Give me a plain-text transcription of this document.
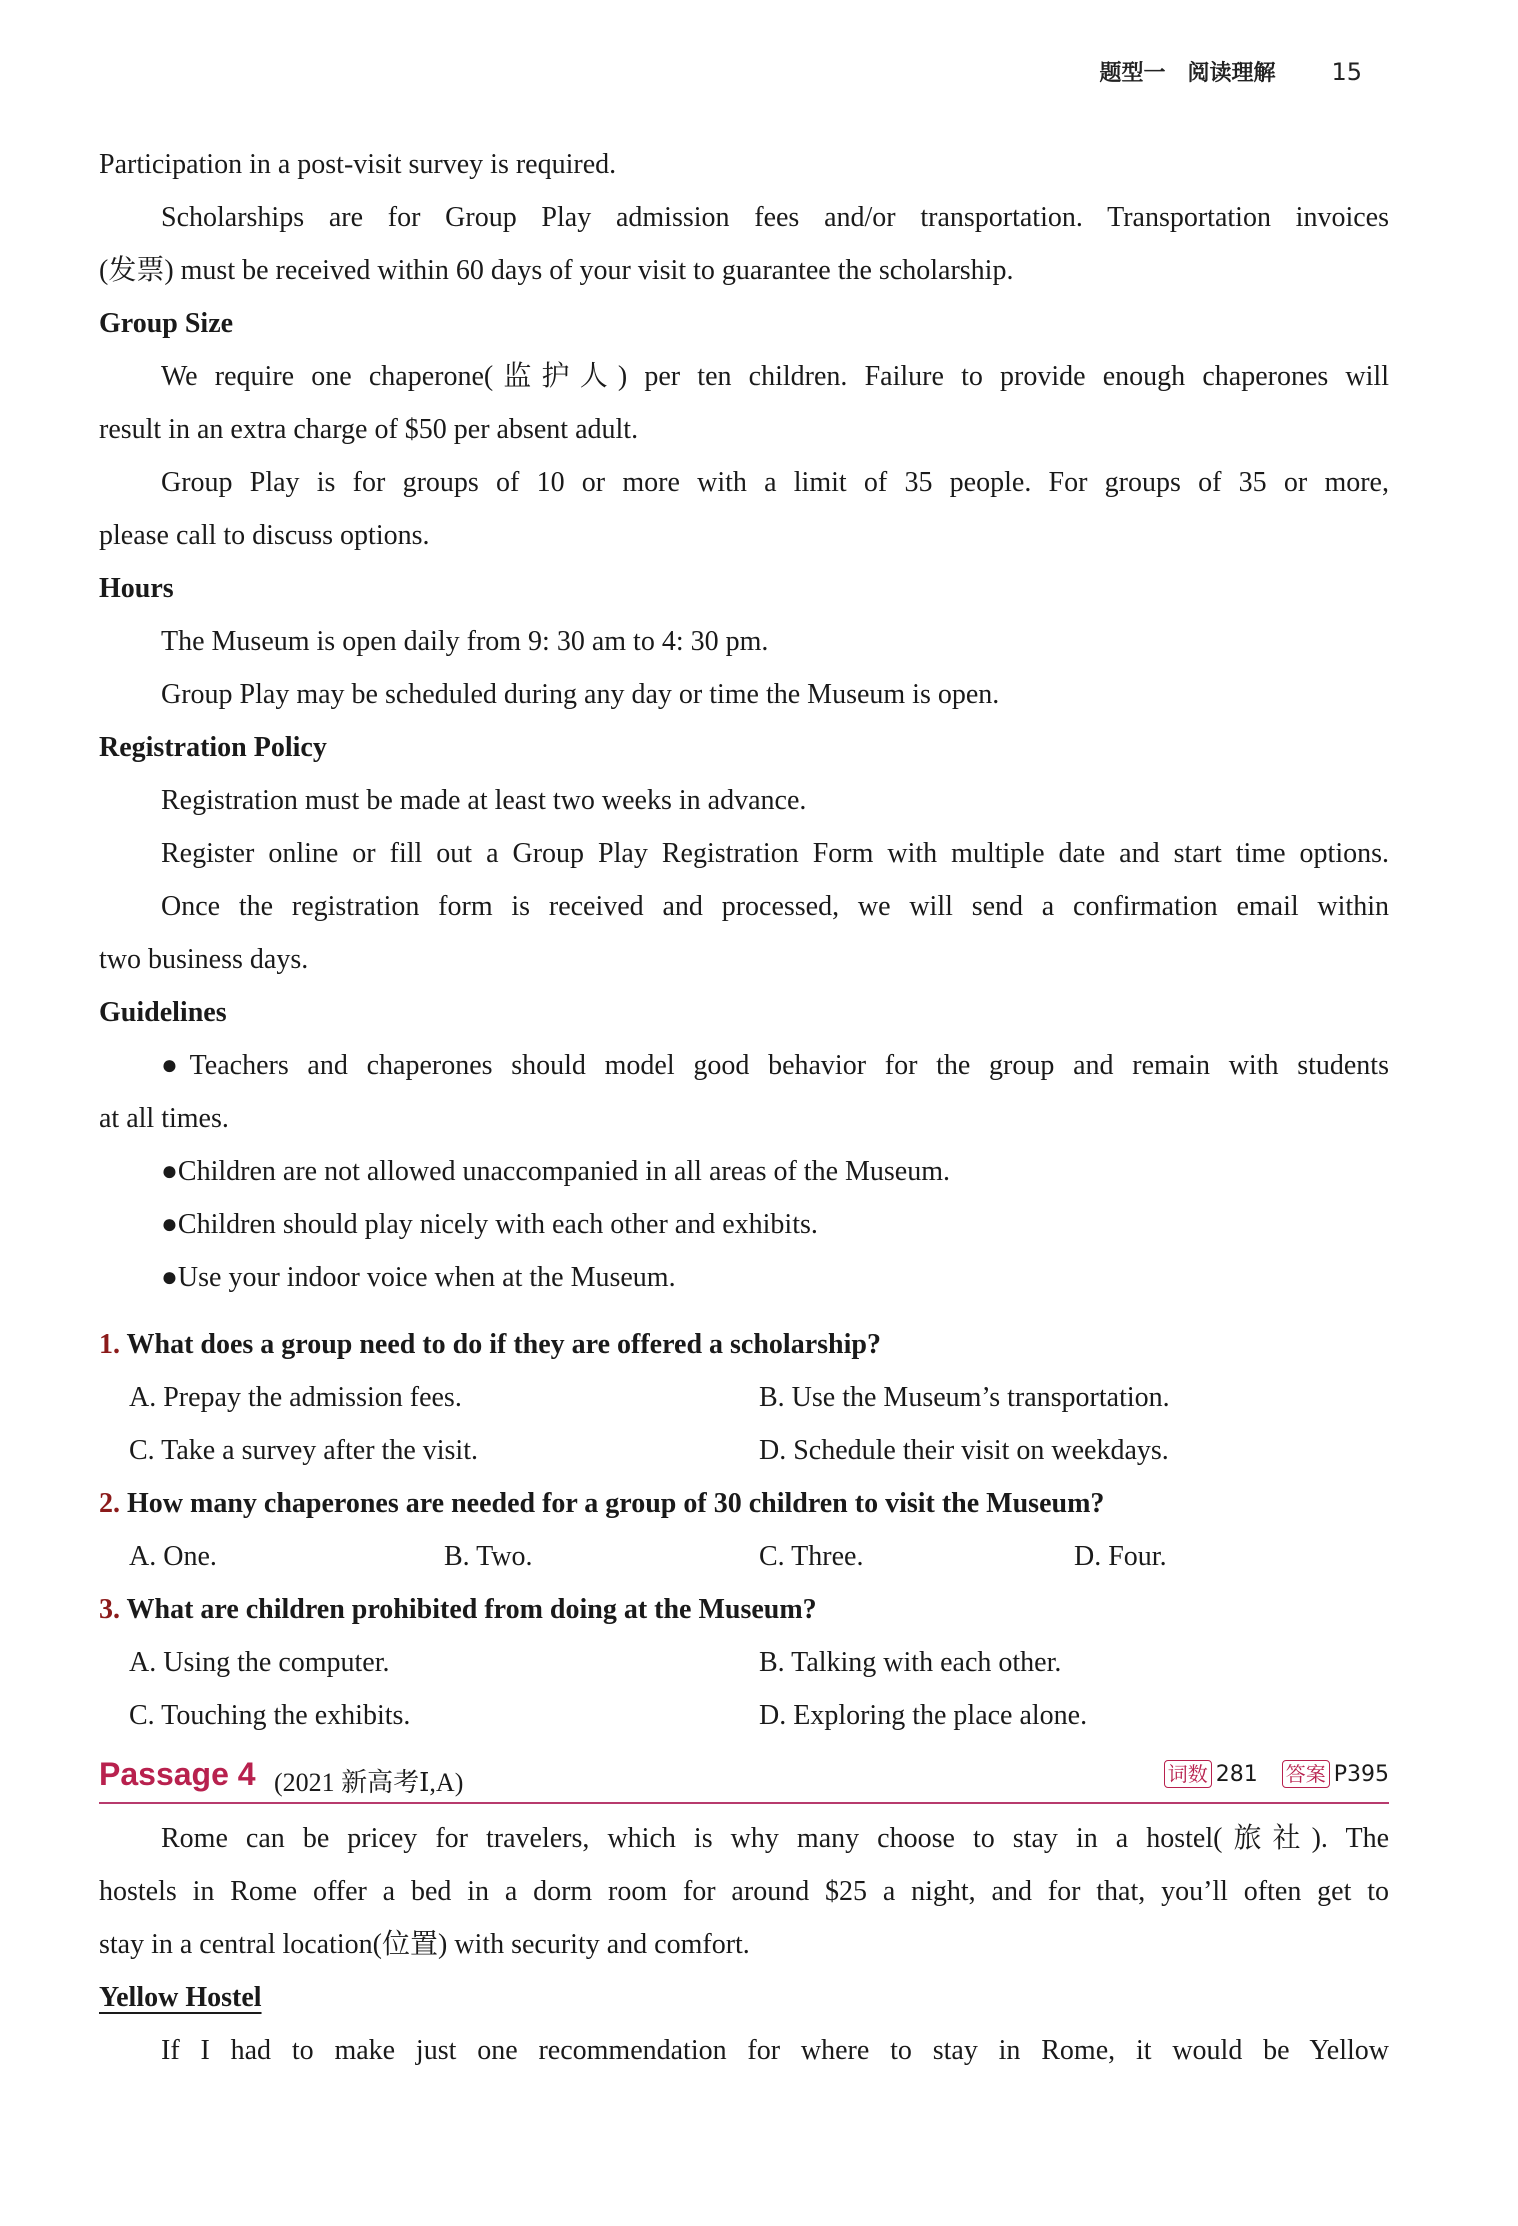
题型一　阅读理解 15
Participation in a post-visit survey is required.
Scholarships are for Group Play admission fees and/or transportation. Transportation invoices
(发票) must be received within 60 days of your visit to guarantee the scholarship.
Group Size
We require one chaperone(监护人) per ten children. Failure to provide enough chaperones will
result in an extra charge of $50 per absent adult.
Group Play is for groups of 10 or more with a limit of 35 people. For groups of 35 or more,
please call to discuss options.
Hours
The Museum is open daily from 9: 30 am to 4: 30 pm.
Group Play may be scheduled during any day or time the Museum is open.
Registration Policy
Registration must be made at least two weeks in advance.
Register online or fill out a Group Play Registration Form with multiple date and start time options.
Once the registration form is received and processed, we will send a confirmation email within
two business days.
Guidelines
●Teachers and chaperones should model good behavior for the group and remain with students
at all times.
●Children are not allowed unaccompanied in all areas of the Museum.
●Children should play nicely with each other and exhibits.
●Use your indoor voice when at the Museum.
1. What does a group need to do if they are offered a scholarship?
A. Prepay the admission fees.	B. Use the Museum’s transportation.
C. Take a survey after the visit.	D. Schedule their visit on weekdays.
2. How many chaperones are needed for a group of 30 children to visit the Museum?
A. One.	B. Two.	C. Three.	D. Four.
3. What are children prohibited from doing at the Museum?
A. Using the computer.	B. Talking with each other.
C. Touching the exhibits.	D. Exploring the place alone.
Passage 4 (2021 新高考Ⅰ,A)	词数 281 答案 P395
Rome can be pricey for travelers, which is why many choose to stay in a hostel(旅社). The
hostels in Rome offer a bed in a dorm room for around $25 a night, and for that, you’ll often get to
stay in a central location(位置) with security and comfort.
Yellow Hostel
If I had to make just one recommendation for where to stay in Rome, it would be Yellow
